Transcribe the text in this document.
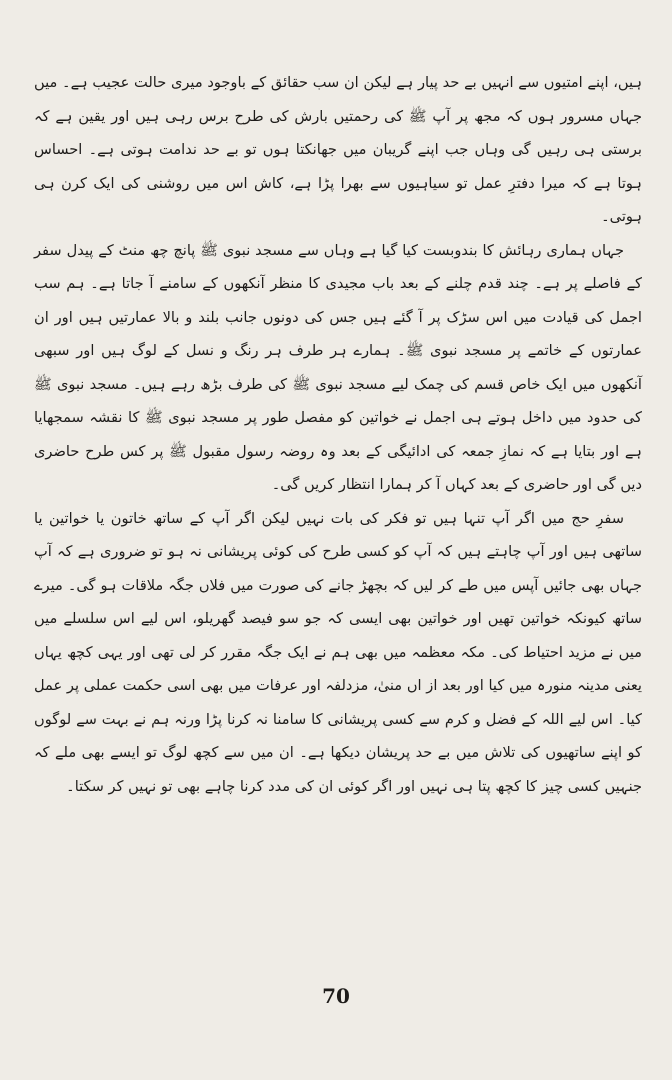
ہیں، اپنے امتیوں سے انہیں بے حد پیار ہے لیکن ان سب حقائق کے باوجود میری حالت عجیب ہے۔ میں جہاں مسرور ہوں کہ مجھ پر آپ ﷺ کی رحمتیں بارش کی طرح برس رہی ہیں اور یقین ہے کہ برستی ہی رہیں گی وہاں جب اپنے گریبان میں جھانکتا ہوں تو بے حد ندامت ہوتی ہے۔ احساس ہوتا ہے کہ میرا دفترِ عمل تو سیاہیوں سے بھرا پڑا ہے، کاش اس میں روشنی کی ایک کرن ہی ہوتی۔

جہاں ہماری رہائش کا بندوبست کیا گیا ہے وہاں سے مسجد نبوی ﷺ پانچ چھ منٹ کے پیدل سفر کے فاصلے پر ہے۔ چند قدم چلنے کے بعد باب مجیدی کا منظر آنکھوں کے سامنے آ جاتا ہے۔ ہم سب اجمل کی قیادت میں اس سڑک پر آ گئے ہیں جس کی دونوں جانب بلند و بالا عمارتیں ہیں اور ان عمارتوں کے خاتمے پر مسجد نبوی ﷺ۔ ہمارے ہر طرف ہر رنگ و نسل کے لوگ ہیں اور سبھی آنکھوں میں ایک خاص قسم کی چمک لیے مسجد نبوی ﷺ کی طرف بڑھ رہے ہیں۔ مسجد نبوی ﷺ کی حدود میں داخل ہوتے ہی اجمل نے خواتین کو مفصل طور پر مسجد نبوی ﷺ کا نقشہ سمجھایا ہے اور بتایا ہے کہ نمازِ جمعہ کی ادائیگی کے بعد وہ روضہ رسول مقبول ﷺ پر کس طرح حاضری دیں گی اور حاضری کے بعد کہاں آ کر ہمارا انتظار کریں گی۔

سفرِ حج میں اگر آپ تنہا ہیں تو فکر کی بات نہیں لیکن اگر آپ کے ساتھ خاتون یا خواتین یا ساتھی ہیں اور آپ چاہتے ہیں کہ آپ کو کسی طرح کی کوئی پریشانی نہ ہو تو ضروری ہے کہ آپ جہاں بھی جائیں آپس میں طے کر لیں کہ بچھڑ جانے کی صورت میں فلاں جگہ ملاقات ہو گی۔ میرے ساتھ کیونکہ خواتین تھیں اور خواتین بھی ایسی کہ جو سو فیصد گھریلو، اس لیے اس سلسلے میں میں نے مزید احتیاط کی۔ مکہ معظمہ میں بھی ہم نے ایک جگہ مقرر کر لی تھی اور یہی کچھ یہاں یعنی مدینہ منورہ میں کیا اور بعد از اں منیٰ، مزدلفہ اور عرفات میں بھی اسی حکمت عملی پر عمل کیا۔ اس لیے اللہ کے فضل و کرم سے کسی پریشانی کا سامنا نہ کرنا پڑا ورنہ ہم نے بہت سے لوگوں کو اپنے ساتھیوں کی تلاش میں بے حد پریشان دیکھا ہے۔ ان میں سے کچھ لوگ تو ایسے بھی ملے کہ جنہیں کسی چیز کا کچھ پتا ہی نہیں اور اگر کوئی ان کی مدد کرنا چاہے بھی تو نہیں کر سکتا۔

70
